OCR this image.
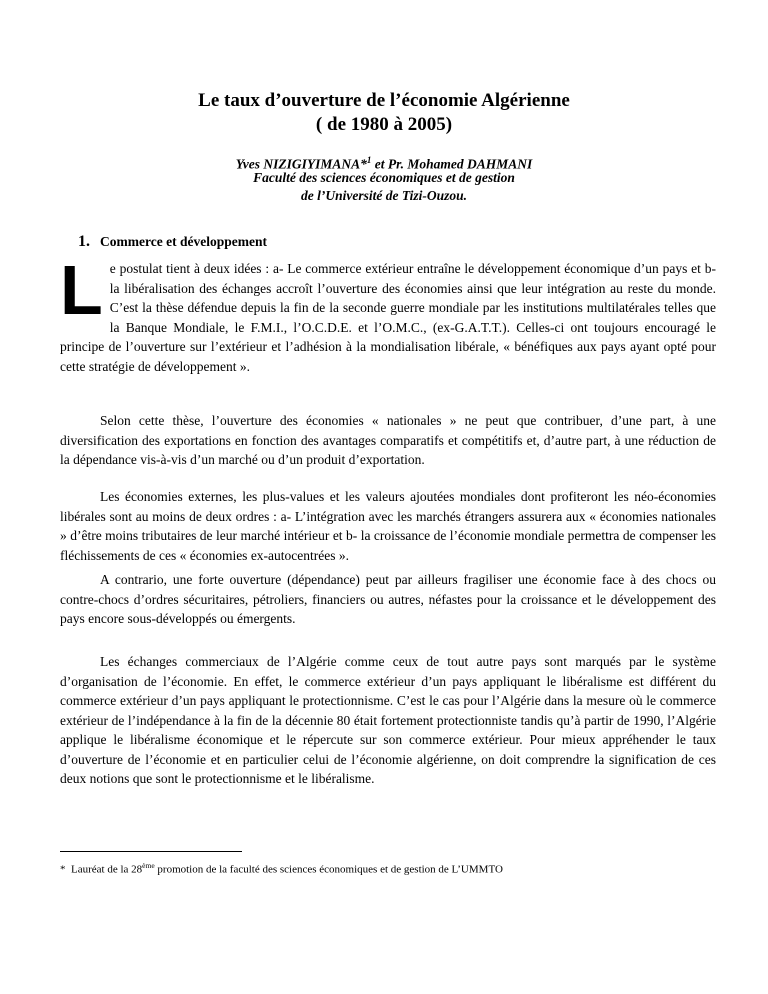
Le taux d’ouverture de l’économie Algérienne
( de 1980 à 2005)
Yves NIZIGIYIMANA*$^1$ et Pr. Mohamed DAHMANI
Faculté des sciences économiques et de gestion
de l’Université de Tizi-Ouzou.
1. Commerce et développement
Le postulat tient à deux idées : a- Le commerce extérieur entraîne le développement économique d’un pays et b- la libéralisation des échanges accroît l’ouverture des économies ainsi que leur intégration au reste du monde. C’est la thèse défendue depuis la fin de la seconde guerre mondiale par les institutions multilatérales telles que la Banque Mondiale, le F.M.I., l’O.C.D.E. et l’O.M.C., (ex-G.A.T.T.). Celles-ci ont toujours encouragé le principe de l’ouverture sur l’extérieur et l’adhésion à la mondialisation libérale, « bénéfiques aux pays ayant opté pour cette stratégie de développement ».
Selon cette thèse, l’ouverture des économies « nationales » ne peut que contribuer, d’une part, à une diversification des exportations en fonction des avantages comparatifs et compétitifs et, d’autre part, à une réduction de la dépendance vis-à-vis d’un marché ou d’un produit d’exportation.
Les économies externes, les plus-values et les valeurs ajoutées mondiales dont profiteront les néo-économies libérales sont au moins de deux ordres : a- L’intégration avec les marchés étrangers assurera aux « économies nationales » d’être moins tributaires de leur marché intérieur et b- la croissance de l’économie mondiale permettra de compenser les fléchissements de ces « économies ex-autocentrées ».
A contrario, une forte ouverture (dépendance) peut par ailleurs fragiliser une économie face à des chocs ou contre-chocs d’ordres sécuritaires, pétroliers, financiers ou autres, néfastes pour la croissance et le développement des pays encore sous-développés ou émergents.
Les échanges commerciaux de l’Algérie comme ceux de tout autre pays sont marqués par le système d’organisation de l’économie. En effet, le commerce extérieur d’un pays appliquant le libéralisme est différent du commerce extérieur d’un pays appliquant le protectionnisme. C’est le cas pour l’Algérie dans la mesure où le commerce extérieur de l’indépendance à la fin de la décennie 80 était fortement protectionniste tandis qu’à partir de 1990, l’Algérie applique le libéralisme économique et le répercute sur son commerce extérieur. Pour mieux appréhender le taux d’ouverture de l’économie et en particulier celui de l’économie algérienne, on doit comprendre la signification de ces deux notions que sont le protectionnisme et le libéralisme.
* Lauréat de la 28ème promotion de la faculté des sciences économiques et de gestion de L’UMMTO
